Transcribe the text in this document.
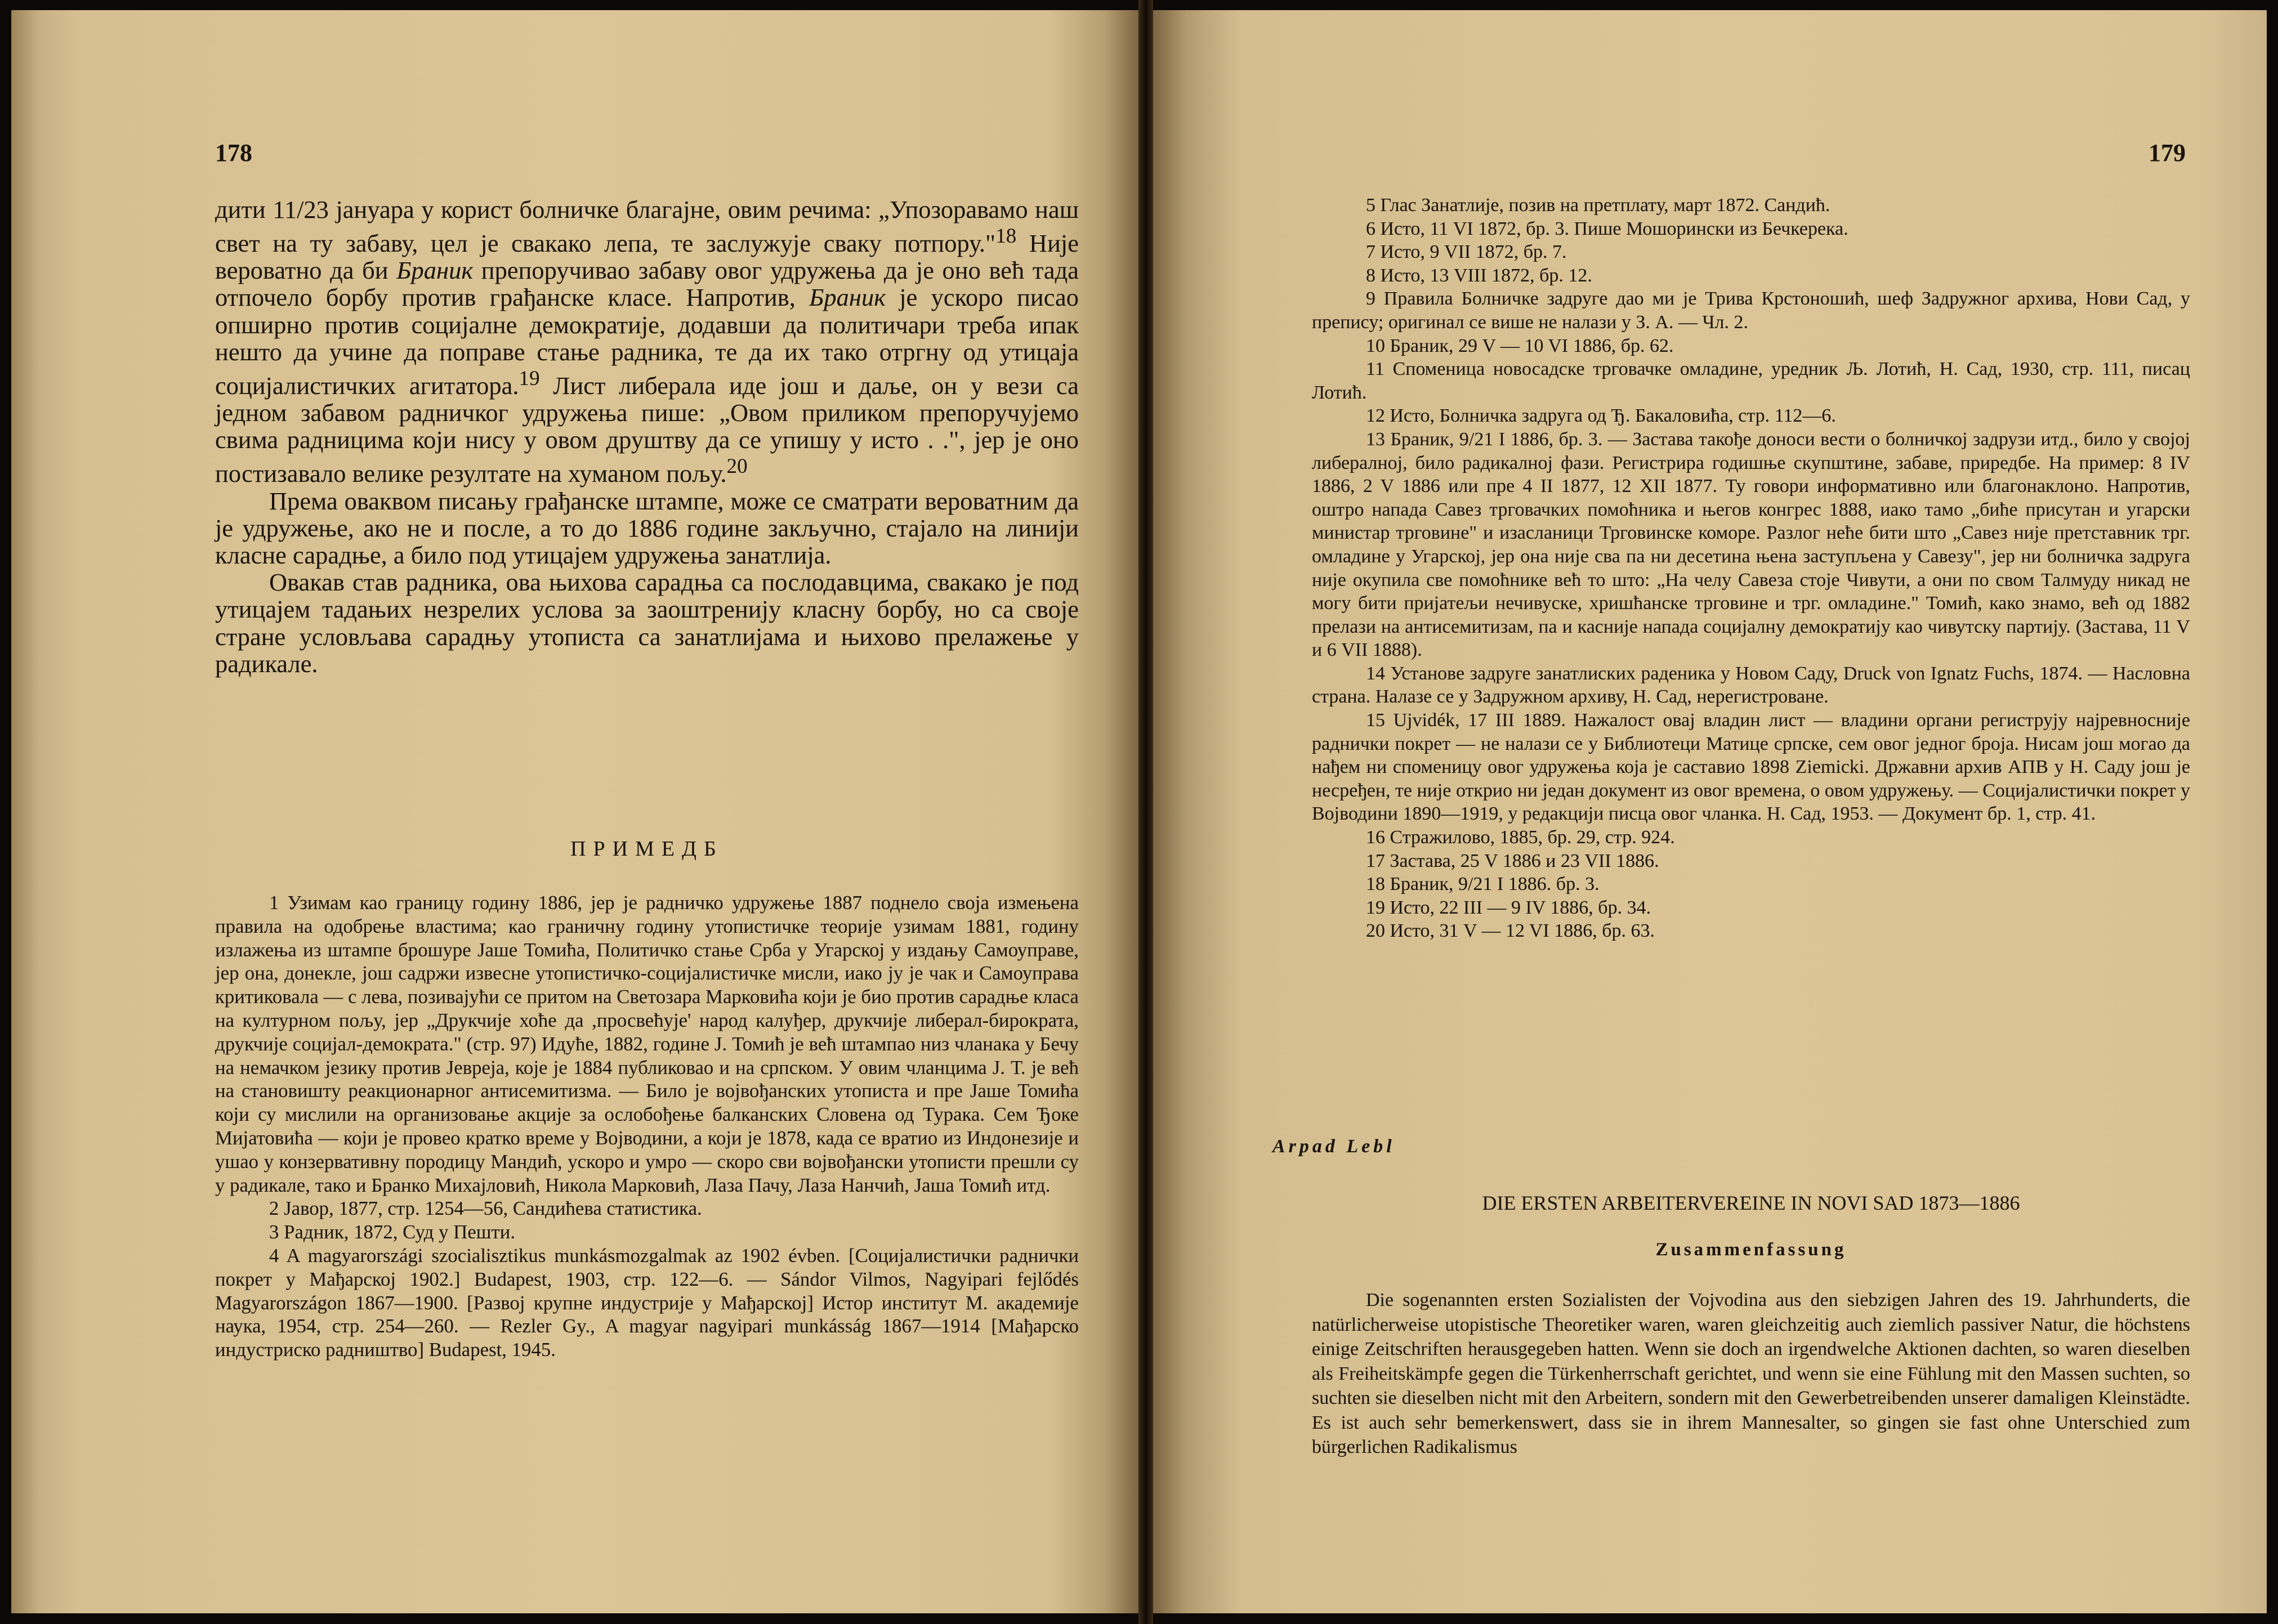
178

дити 11/23 јануара у корист болничке благајне, овим речима: „Упозоравамо наш свет на ту забаву, цел је свакако лепа, те заслужује сваку потпору."$^{18}$ Није вероватно да би Браник препоручивао забаву овог удружења да је оно већ тада отпочело борбу против грађанске класе. Напротив, Браник је ускоро писао опширно против социјалне демократије, додавши да политичари треба ипак нешто да учине да поправе стање радника, те да их тако отргну од утицаја социјалистичких агитатора.$^{19}$ Лист либерала иде још и даље, он у вези са једном забавом радничког удружења пише: „Овом приликом препоручујемо свима радницима који нису у овом друштву да се упишу у исто . .", јер је оно постизавало велике резултате на хуманом пољу.$^{20}$

Према оваквом писању грађанске штампе, може се сматрати вероватним да је удружење, ако не и после, а то до 1886 године закључно, стајало на линији класне сарадње, а било под утицајем удружења занатлија.

Овакав став радника, ова њихова сарадња са послодавцима, свакако је под утицајем тадањих незрелих услова за заоштренију класну борбу, но са своје стране условљава сарадњу утописта са занатлијама и њихово прелажење у радикале.

ПРИМЕДБ

1 Узимам као границу годину 1886, јер је радничко удружење 1887 поднело своја измењена правила на одобрење властима; као граничну годину утопистичке теорије узимам 1881, годину излажења из штампе брошуре Јаше Томића, Политичко стање Срба у Угарској у издању Самоуправе, јер она, донекле, још садржи извесне утопистичко-социјалистичке мисли, иако ју је чак и Самоуправа критиковала — с лева, позивајући се притом на Светозара Марковића који је био против сарадње класа на културном пољу, јер „Друкчије хоће да ,просвећује' народ калуђер, друкчије либерал-бирократа, друкчије социјал-демократа." (стр. 97) Идуће, 1882, године Ј. Томић је већ штампао низ чланака у Бечу на немачком језику против Јевреја, које је 1884 публиковао и на српском. У овим чланцима Ј. Т. је већ на становишту реакционарног антисемитизма. — Било је војвођанских утописта и пре Јаше Томића који су мислили на организовање акције за ослобођење балканских Словена од Турака. Сем Ђоке Мијатовића — који је провео кратко време у Војводини, а који је 1878, када се вратио из Индонезије и ушао у конзервативну породицу Мандић, ускоро и умро — скоро сви војвођански утописти прешли су у радикале, тако и Бранко Михајловић, Никола Марковић, Лаза Пачу, Лаза Нанчић, Јаша Томић итд.

2 Јавор, 1877, стр. 1254—56, Сандићева статистика.

3 Радник, 1872, Суд у Пешти.

4 A magyarországi szocialisztikus munkásmozgalmak az 1902 évben. [Социјалистички раднички покрет у Мађарској 1902.] Budapest, 1903, стр. 122—6. — Sándor Vilmos, Nagyipari fejlődés Magyarországon 1867—1900. [Развој крупне индустрије у Мађарској] Истор институт М. академије наука, 1954, стр. 254—260. — Rezler Gy., A magyar nagyipari munkásság 1867—1914 [Мађарско индустриско радништво] Budapest, 1945.

179

5 Глас Занатлије, позив на претплату, март 1872. Сандић.

6 Исто, 11 VI 1872, бр. 3. Пише Мошорински из Бечкерека.

7 Исто, 9 VII 1872, бр. 7.

8 Исто, 13 VIII 1872, бр. 12.

9 Правила Болничке задруге дао ми је Трива Крстоношић, шеф Задружног архива, Нови Сад, у препису; оригинал се више не налази у З. А. — Чл. 2.

10 Браник, 29 V — 10 VI 1886, бр. 62.

11 Споменица новосадске трговачке омладине, уредник Љ. Лотић, Н. Сад, 1930, стр. 111, писац Лотић.

12 Исто, Болничка задруга од Ђ. Бакаловића, стр. 112—6.

13 Браник, 9/21 I 1886, бр. 3. — Застава такође доноси вести о болничкој задрузи итд., било у својој либералној, било радикалној фази. Регистрира годишње скупштине, забаве, приредбе. На пример: 8 IV 1886, 2 V 1886 или пре 4 II 1877, 12 XII 1877. Ту говори информативно или благонаклоно. Напротив, оштро напада Савез трговачких помоћника и његов конгрес 1888, иако тамо „биће присутан и угарски министар трговине" и изасланици Трговинске коморе. Разлог неће бити што „Савез није претставник трг. омладине у Угарској, јер она није сва па ни десетина њена заступљена у Савезу", јер ни болничка задруга није окупила све помоћнике већ то што: „На челу Савеза стоје Чивути, а они по свом Талмуду никад не могу бити пријатељи нечивуске, хришћанске трговине и трг. омладине." Томић, како знамо, већ од 1882 прелази на антисемитизам, па и касније напада социјалну демократију као чивутску партију. (Застава, 11 V и 6 VII 1888).

14 Установе задруге занатлиских раденика у Новом Саду, Druck von Ignatz Fuchs, 1874. — Насловна страна. Налазе се у Задружном архиву, Н. Сад, нерегистроване.

15 Ujvidék, 17 III 1889. Нажалост овај владин лист — владини органи региструју најревносније раднички покрет — не налази се у Библиотеци Матице српске, сем овог једног броја. Нисам још могао да нађем ни споменицу овог удружења која је саставио 1898 Ziemicki. Државни архив АПВ у Н. Саду још је несређен, те није открио ни један документ из овог времена, о овом удружењу. — Социјалистички покрет у Војводини 1890—1919, у редакцији писца овог чланка. Н. Сад, 1953. — Документ бр. 1, стр. 41.

16 Стражилово, 1885, бр. 29, стр. 924.

17 Застава, 25 V 1886 и 23 VII 1886.

18 Браник, 9/21 I 1886. бр. 3.

19 Исто, 22 III — 9 IV 1886, бр. 34.

20 Исто, 31 V — 12 VI 1886, бр. 63.

Arpad Lebl
DIE ERSTEN ARBEITERVEREINE IN NOVI SAD 1873—1886
Zusammenfassung

Die sogenannten ersten Sozialisten der Vojvodina aus den siebzigen Jahren des 19. Jahrhunderts, die natürlicherweise utopistische Theoretiker waren, waren gleichzeitig auch ziemlich passiver Natur, die höchstens einige Zeitschriften herausgegeben hatten. Wenn sie doch an irgendwelche Aktionen dachten, so waren dieselben als Freiheitskämpfe gegen die Türkenherrschaft gerichtet, und wenn sie eine Fühlung mit den Massen suchten, so suchten sie dieselben nicht mit den Arbeitern, sondern mit den Gewerbetreibenden unserer damaligen Kleinstädte. Es ist auch sehr bemerkenswert, dass sie in ihrem Mannesalter, so gingen sie fast ohne Unterschied zum bürgerlichen Radikalismus
